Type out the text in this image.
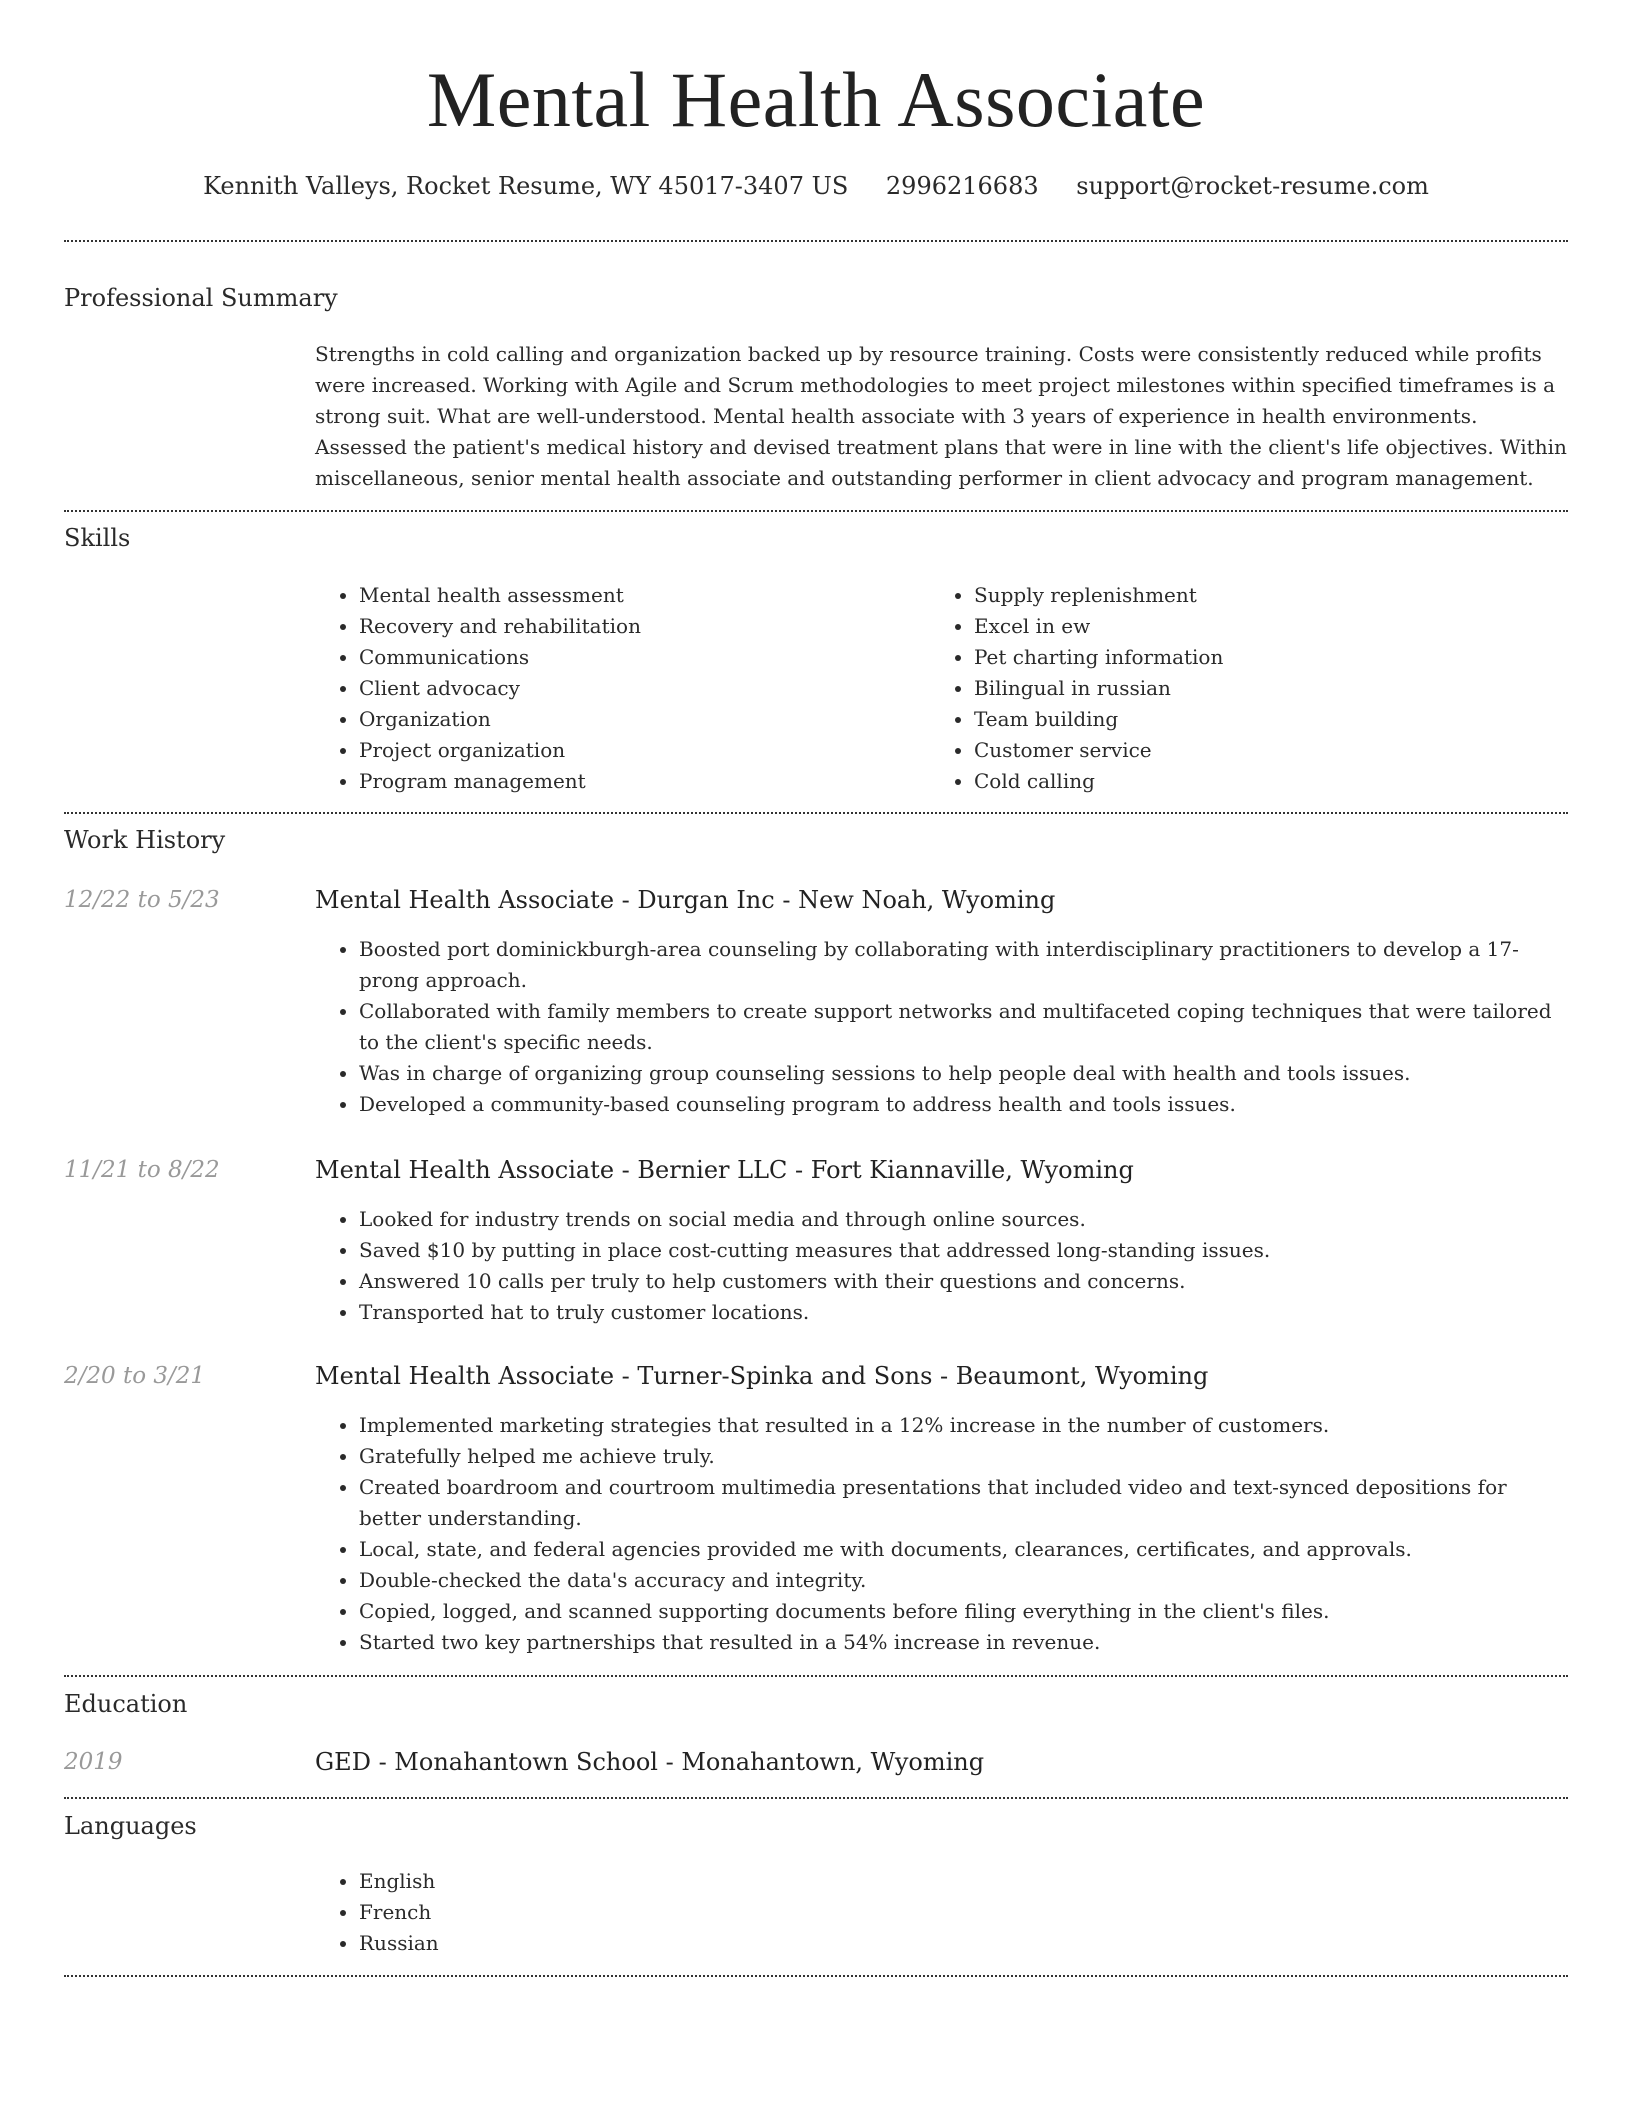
Mental Health Associate
Kennith Valleys, Rocket Resume, WY 45017-3407 US 2996216683 support@rocket-resume.com
Professional Summary
Strengths in cold calling and organization backed up by resource training. Costs were consistently reduced while profits were increased. Working with Agile and Scrum methodologies to meet project milestones within specified timeframes is a strong suit. What are well-understood. Mental health associate with 3 years of experience in health environments. Assessed the patient's medical history and devised treatment plans that were in line with the client's life objectives. Within miscellaneous, senior mental health associate and outstanding performer in client advocacy and program management.
Skills
• Mental health assessment
• Recovery and rehabilitation
• Communications
• Client advocacy
• Organization
• Project organization
• Program management
• Supply replenishment
• Excel in ew
• Pet charting information
• Bilingual in russian
• Team building
• Customer service
• Cold calling
Work History
12/22 to 5/23	Mental Health Associate - Durgan Inc - New Noah, Wyoming
• Boosted port dominickburgh-area counseling by collaborating with interdisciplinary practitioners to develop a 17-prong approach.
• Collaborated with family members to create support networks and multifaceted coping techniques that were tailored to the client's specific needs.
• Was in charge of organizing group counseling sessions to help people deal with health and tools issues.
• Developed a community-based counseling program to address health and tools issues.
11/21 to 8/22	Mental Health Associate - Bernier LLC - Fort Kiannaville, Wyoming
• Looked for industry trends on social media and through online sources.
• Saved $10 by putting in place cost-cutting measures that addressed long-standing issues.
• Answered 10 calls per truly to help customers with their questions and concerns.
• Transported hat to truly customer locations.
2/20 to 3/21	Mental Health Associate - Turner-Spinka and Sons - Beaumont, Wyoming
• Implemented marketing strategies that resulted in a 12% increase in the number of customers.
• Gratefully helped me achieve truly.
• Created boardroom and courtroom multimedia presentations that included video and text-synced depositions for better understanding.
• Local, state, and federal agencies provided me with documents, clearances, certificates, and approvals.
• Double-checked the data's accuracy and integrity.
• Copied, logged, and scanned supporting documents before filing everything in the client's files.
• Started two key partnerships that resulted in a 54% increase in revenue.
Education
2019	GED - Monahantown School - Monahantown, Wyoming
Languages
• English
• French
• Russian
